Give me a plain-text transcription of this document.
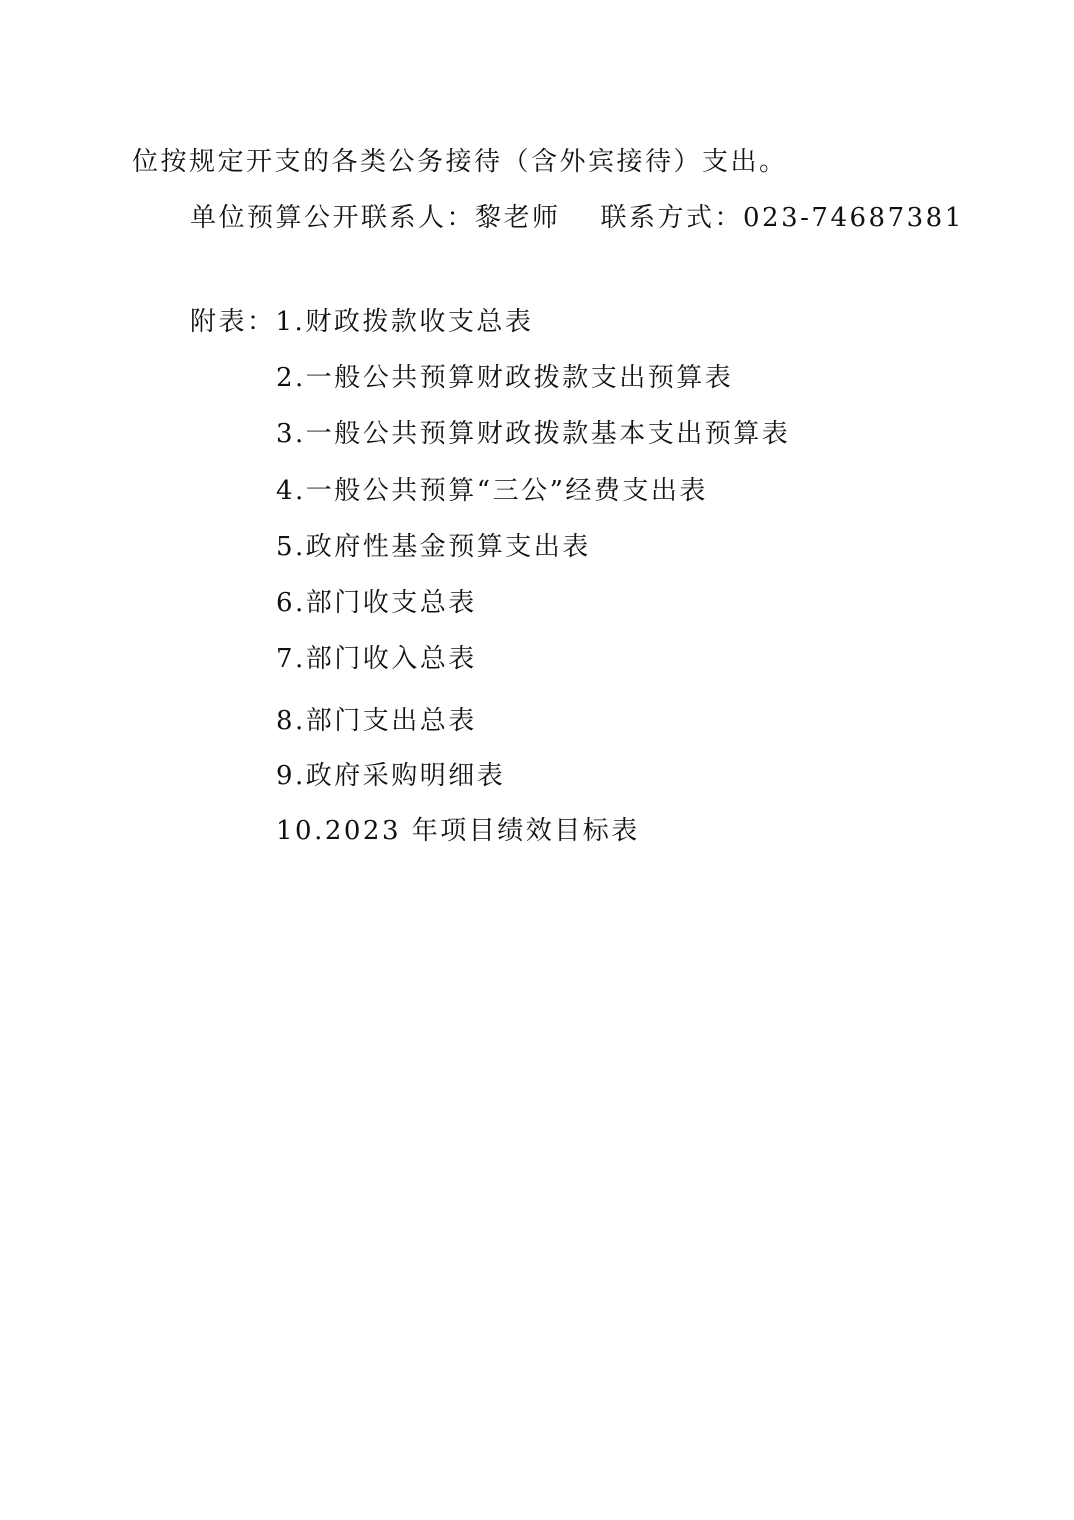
位按规定开支的各类公务接待（含外宾接待）支出。
单位预算公开联系人：黎老师 联系方式：023-74687381
附表：1.财政拨款收支总表
2.一般公共预算财政拨款支出预算表
3.一般公共预算财政拨款基本支出预算表
4.一般公共预算“三公”经费支出表
5.政府性基金预算支出表
6.部门收支总表
7.部门收入总表
8.部门支出总表
9.政府采购明细表
10.2023 年项目绩效目标表
